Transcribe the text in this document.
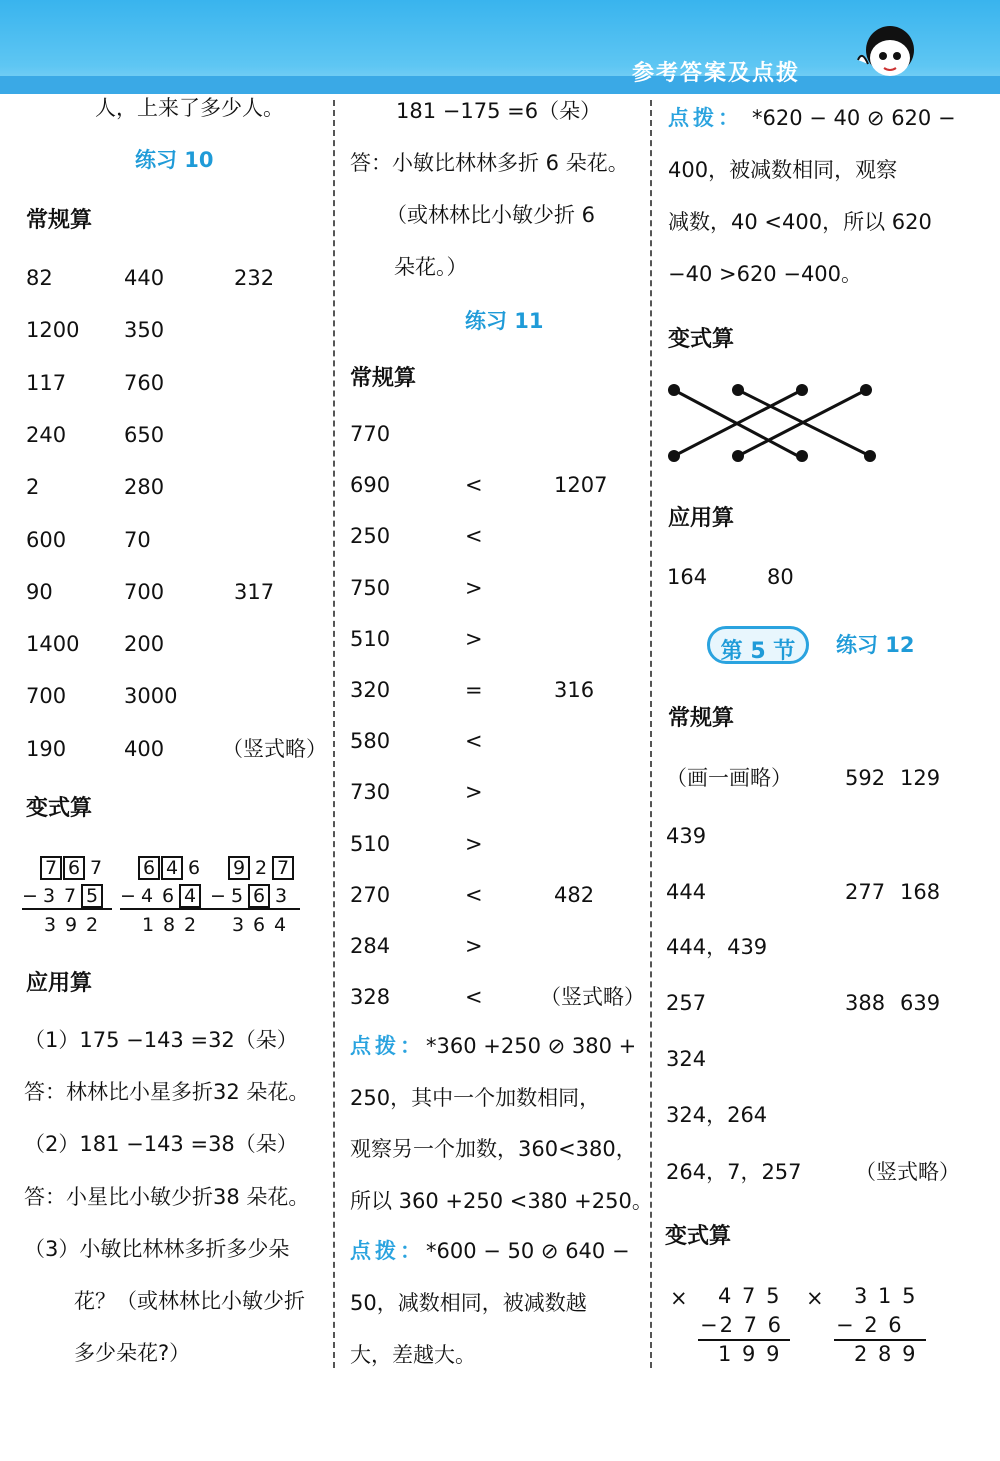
参考答案及点拨
人，上来了多少人。
练习 10
常规算
82	440	232
1200 350
117	760
240	650
2	280
600	70
90	700	317
1400 200
700	3000
190	400	（竖式略）
变式算
7 6 7
− 3 7 5
3 9 2
6 4 6
− 4 6 4
1 8 2
9 2 7
− 5 6 3
3 6 4
应用算
（1）175 −143 =32（朵）
答：林林比小星多折32 朵花。
（2）181 −143 =38（朵）
答：小星比小敏少折38 朵花。
（3）小敏比林林多折多少朵
花？（或林林比小敏少折
多少朵花?）
181 −175 =6（朵）
答：小敏比林林多折 6 朵花。
（或林林比小敏少折 6
朵花。）
练习 11
常规算
770
690	<	1207
250	<
750	>
510	>
320	=	316
580	<
730	>
510	>
270	<	482
284	>
328	<	（竖式略）
点拨： *360 +250 ⊘ 380 +
250，其中一个加数相同，
观察另一个加数，360<380，
所以 360 +250 <380 +250。
点拨： *600 − 50 ⊘ 640 −
50，减数相同，被减数越
大，差越大。
点拨： *620 − 40 ⊘ 620 −
400，被减数相同，观察
减数，40 <400，所以 620
−40 >620 −400。
变式算
应用算
164	80
第 5 节	练习 12
常规算
（画一画略）	592 129
439
444	277 168
444，439
257	388 639
324
324，264
264，7，257	（竖式略）
变式算
× 4 7 5
−2 7 6
1 9 9
× 3 1 5
− 2 6
2 8 9
